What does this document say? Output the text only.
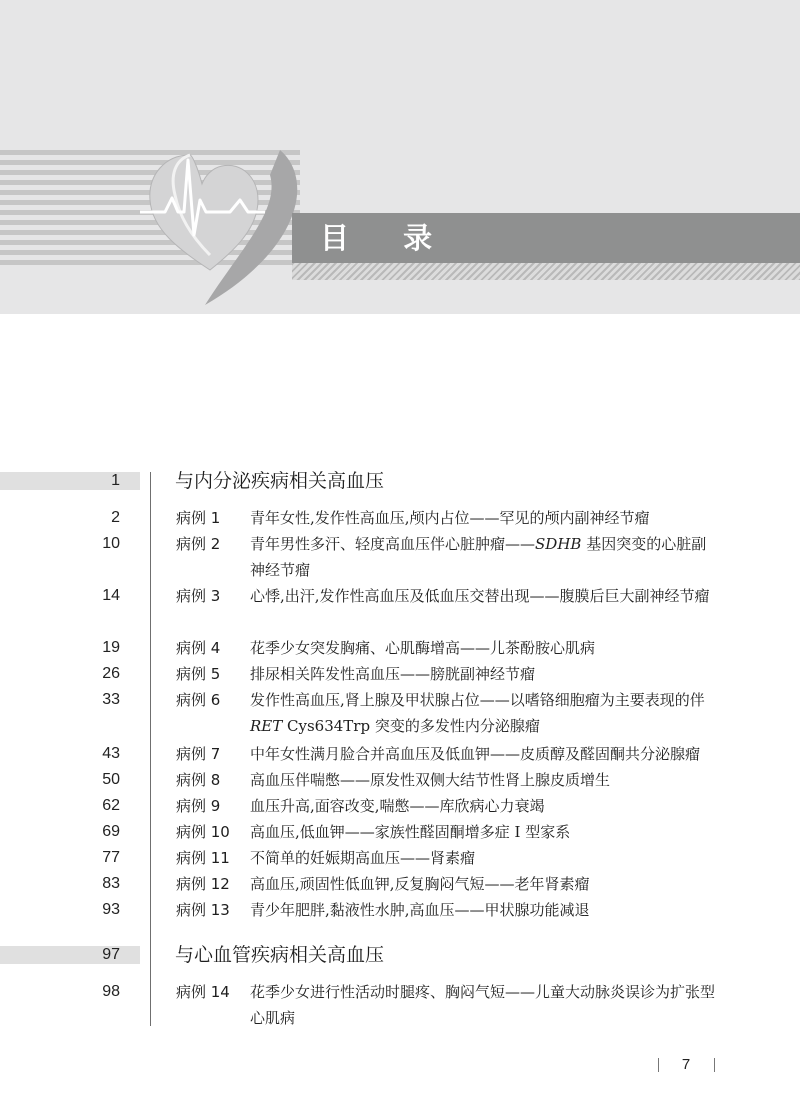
目 录
1	与内分泌疾病相关高血压
2	病例 1 青年女性,发作性高血压,颅内占位——罕见的颅内副神经节瘤
10	病例 2 青年男性多汗、轻度高血压伴心脏肿瘤——SDHB 基因突变的心脏副神经节瘤
14	病例 3 心悸,出汗,发作性高血压及低血压交替出现——腹膜后巨大副神经节瘤
19	病例 4 花季少女突发胸痛、心肌酶增高——儿茶酚胺心肌病
26	病例 5 排尿相关阵发性高血压——膀胱副神经节瘤
33	病例 6 发作性高血压,肾上腺及甲状腺占位——以嗜铬细胞瘤为主要表现的伴 RET Cys634Trp 突变的多发性内分泌腺瘤
43	病例 7 中年女性满月脸合并高血压及低血钾——皮质醇及醛固酮共分泌腺瘤
50	病例 8 高血压伴喘憋——原发性双侧大结节性肾上腺皮质增生
62	病例 9 血压升高,面容改变,喘憋——库欣病心力衰竭
69	病例 10 高血压,低血钾——家族性醛固酮增多症 I 型家系
77	病例 11 不简单的妊娠期高血压——肾素瘤
83	病例 12 高血压,顽固性低血钾,反复胸闷气短——老年肾素瘤
93	病例 13 青少年肥胖,黏液性水肿,高血压——甲状腺功能减退
97	与心血管疾病相关高血压
98	病例 14 花季少女进行性活动时腿疼、胸闷气短——儿童大动脉炎误诊为扩张型心肌病
7
